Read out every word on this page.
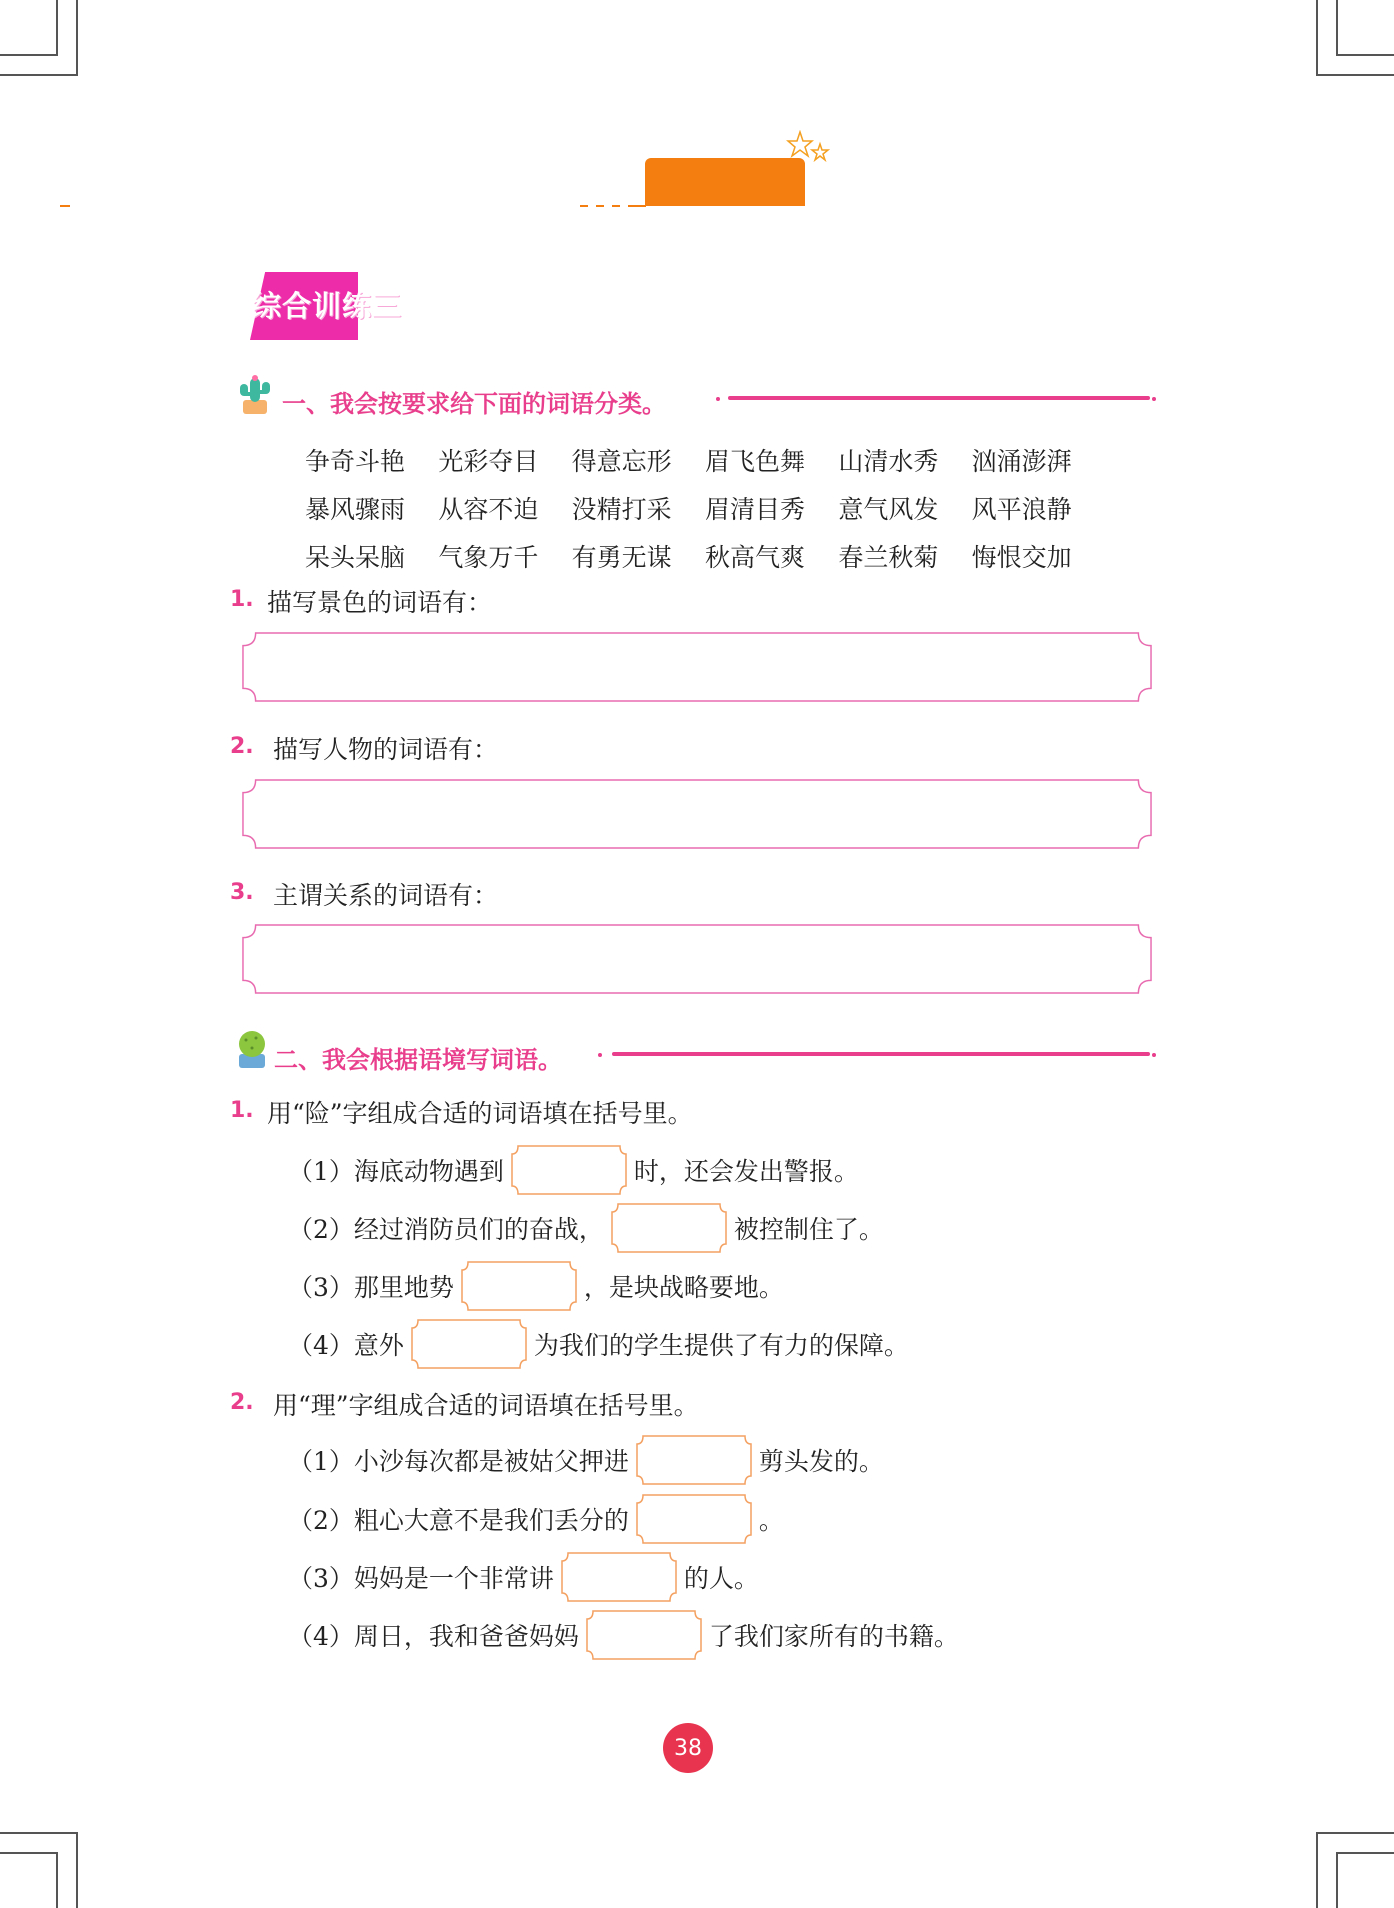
综合训练三
一、我会按要求给下面的词语分类。
争奇斗艳	光彩夺目	得意忘形	眉飞色舞	山清水秀	汹涌澎湃
暴风骤雨	从容不迫	没精打采	眉清目秀	意气风发	风平浪静
呆头呆脑	气象万千	有勇无谋	秋高气爽	春兰秋菊	悔恨交加
1. 描写景色的词语有：
2. 描写人物的词语有：
3. 主谓关系的词语有：
二、我会根据语境写词语。
1. 用“险”字组成合适的词语填在括号里。
（1） 海底动物遇到	时，还会发出警报。
（2） 经过消防员们的奋战，	被控制住了。
（3） 那里地势	，是块战略要地。
（4） 意外	为我们的学生提供了有力的保障。
2. 用“理”字组成合适的词语填在括号里。
（1） 小沙每次都是被姑父押进	剪头发的。
（2） 粗心大意不是我们丢分的	。
（3） 妈妈是一个非常讲	的人。
（4） 周日，我和爸爸妈妈	了我们家所有的书籍。
38
